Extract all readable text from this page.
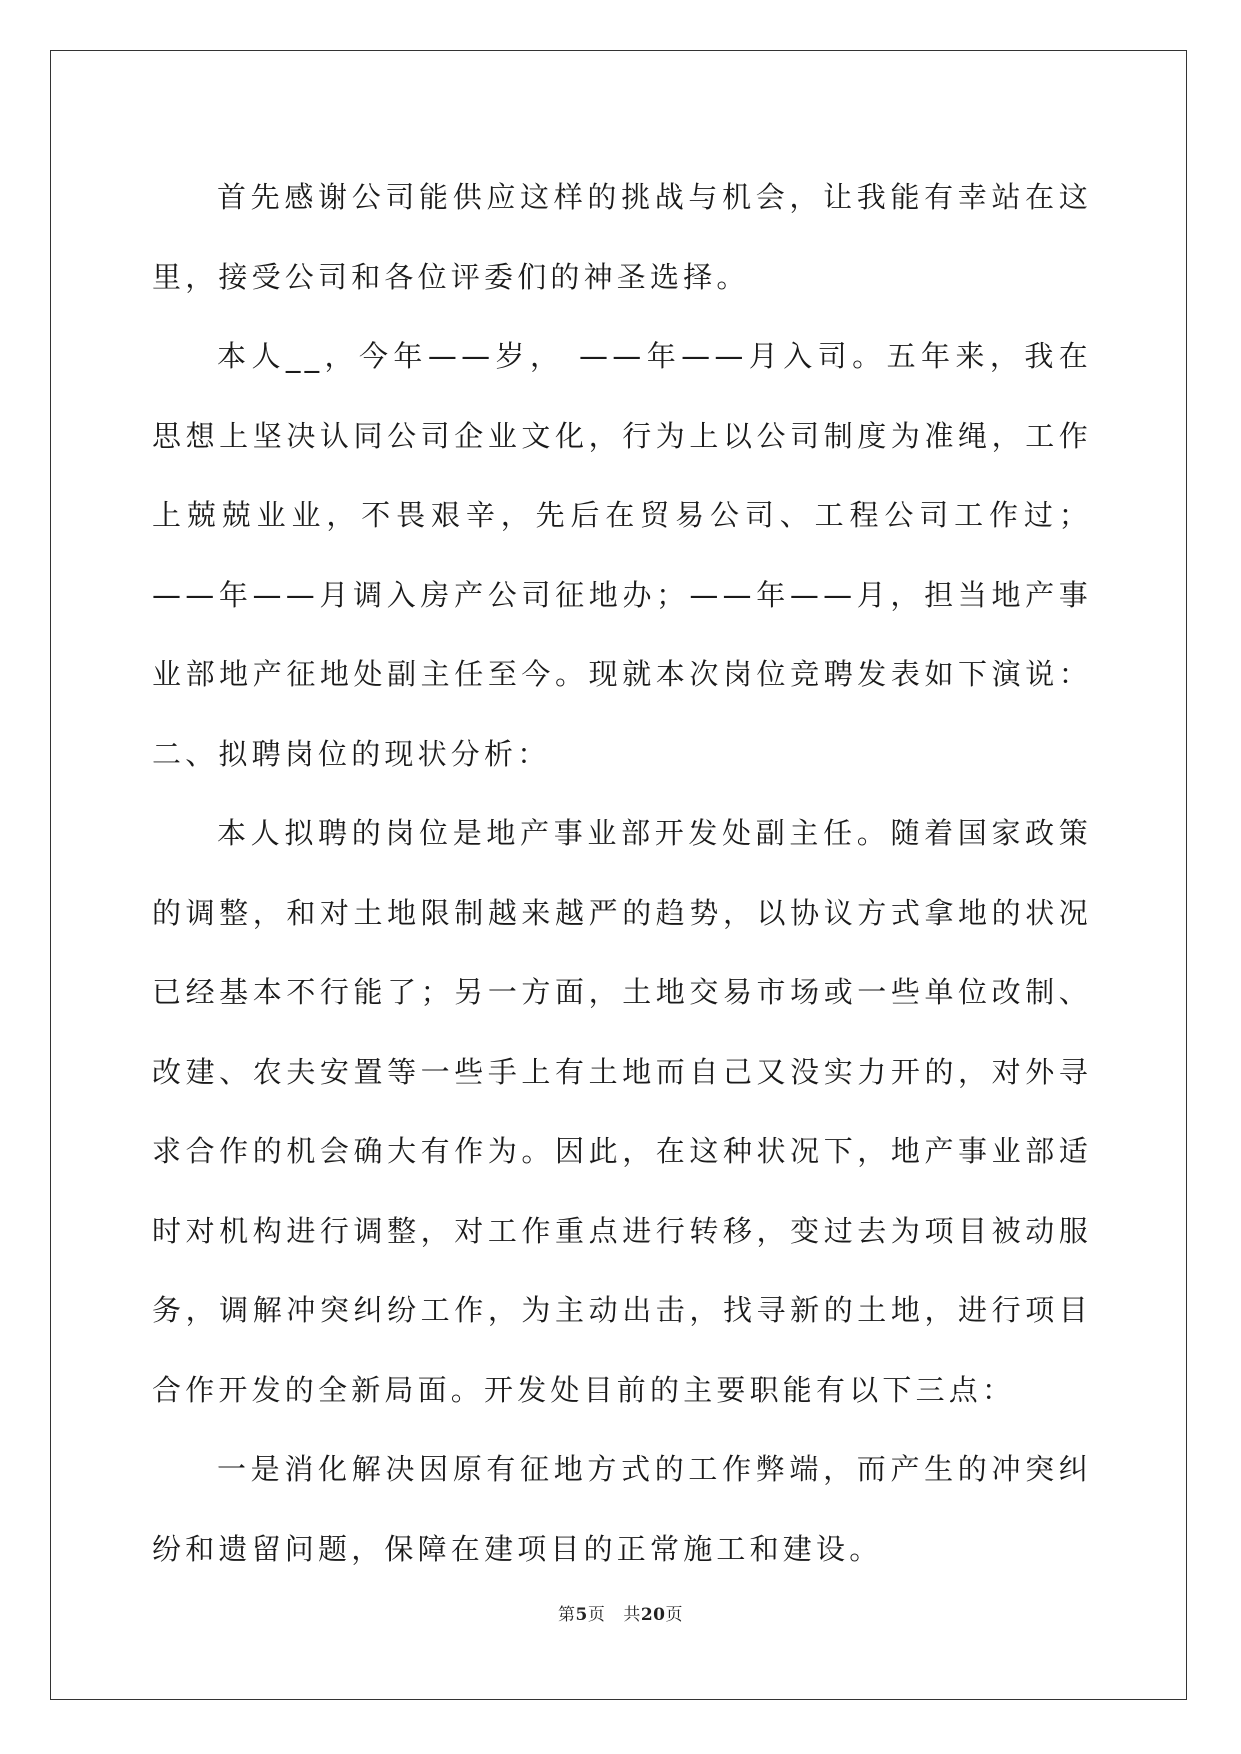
首先感谢公司能供应这样的挑战与机会，让我能有幸站在这里，接受公司和各位评委们的神圣选择。

本人__，今年——岁， ——年——月入司。五年来，我在思想上坚决认同公司企业文化，行为上以公司制度为准绳，工作上兢兢业业，不畏艰辛，先后在贸易公司、工程公司工作过；——年——月调入房产公司征地办；——年——月，担当地产事业部地产征地处副主任至今。现就本次岗位竞聘发表如下演说： 二、拟聘岗位的现状分析：

本人拟聘的岗位是地产事业部开发处副主任。随着国家政策的调整，和对土地限制越来越严的趋势，以协议方式拿地的状况已经基本不行能了；另一方面，土地交易市场或一些单位改制、改建、农夫安置等一些手上有土地而自己又没实力开的，对外寻求合作的机会确大有作为。因此，在这种状况下，地产事业部适时对机构进行调整，对工作重点进行转移，变过去为项目被动服务，调解冲突纠纷工作，为主动出击，找寻新的土地，进行项目合作开发的全新局面。开发处目前的主要职能有以下三点：

一是消化解决因原有征地方式的工作弊端，而产生的冲突纠纷和遗留问题，保障在建项目的正常施工和建设。

第5页 共20页
